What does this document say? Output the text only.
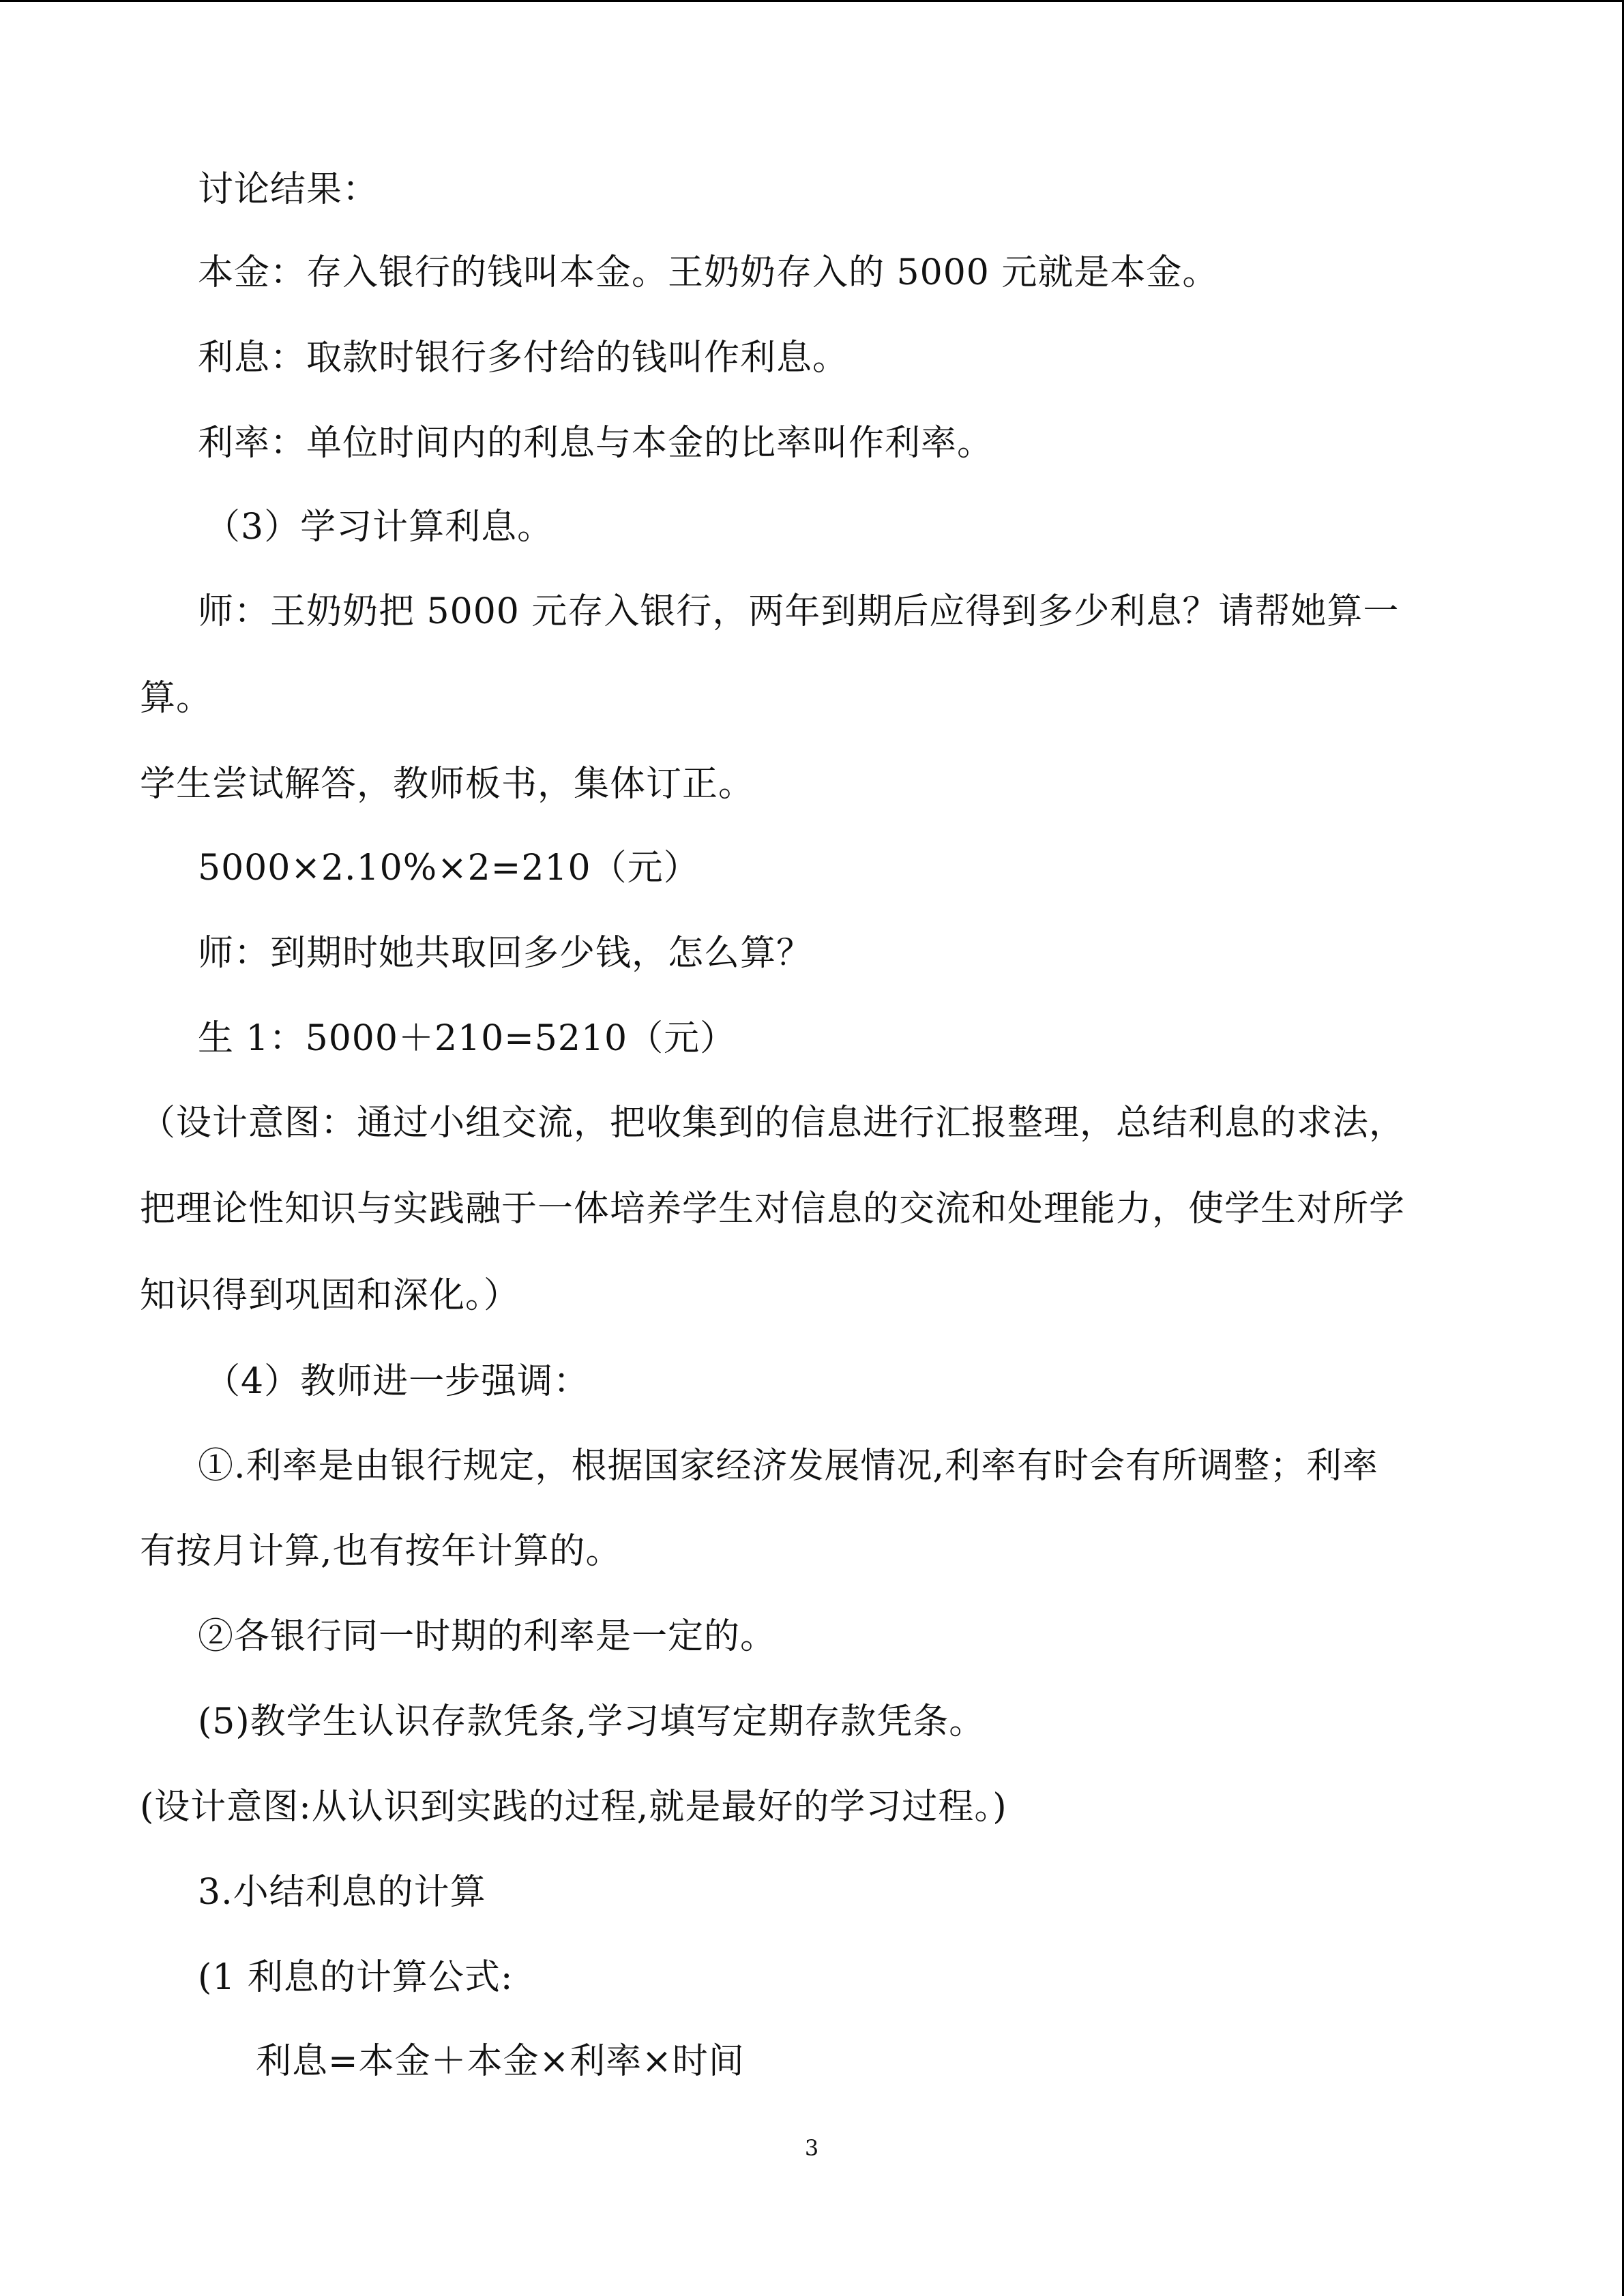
讨论结果：
本金：存入银行的钱叫本金。王奶奶存入的 5000 元就是本金。
利息：取款时银行多付给的钱叫作利息。
利率：单位时间内的利息与本金的比率叫作利率。
（3）学习计算利息。
师：王奶奶把 5000 元存入银行，两年到期后应得到多少利息？请帮她算一
算。
学生尝试解答，教师板书，集体订正。
5000×2.10%×2=210（元）
师：到期时她共取回多少钱，怎么算？
生 1：5000＋210=5210（元）
（设计意图：通过小组交流，把收集到的信息进行汇报整理，总结利息的求法，
把理论性知识与实践融于一体培养学生对信息的交流和处理能力，使学生对所学
知识得到巩固和深化。）
（4）教师进一步强调：
①.利率是由银行规定，根据国家经济发展情况,利率有时会有所调整；利率
有按月计算,也有按年计算的。
②各银行同一时期的利率是一定的。
(5)教学生认识存款凭条,学习填写定期存款凭条。
(设计意图:从认识到实践的过程,就是最好的学习过程。)
3.小结利息的计算
(1 利息的计算公式:
利息=本金＋本金×利率×时间
3
